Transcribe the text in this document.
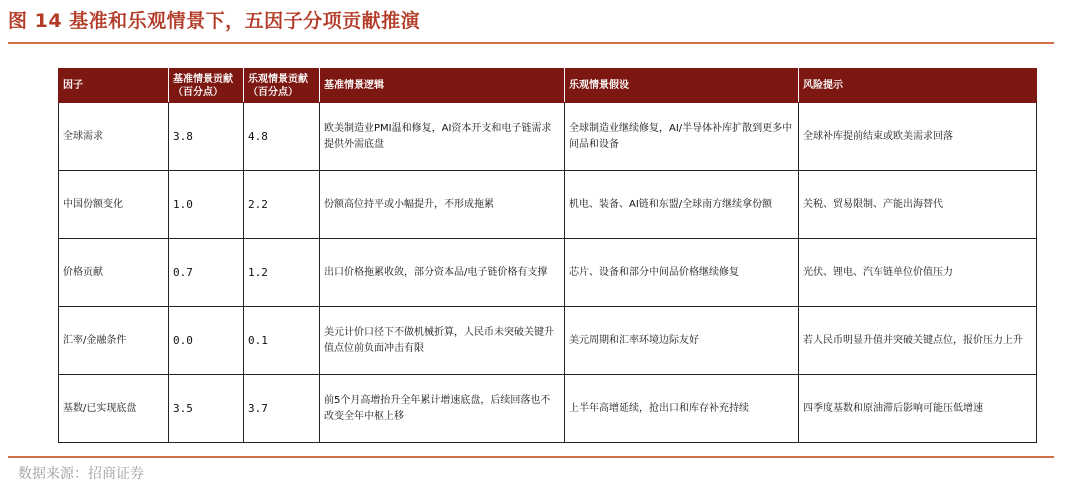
图 14 基准和乐观情景下，五因子分项贡献推演
因子	基准情景贡献（百分点）	乐观情景贡献（百分点）	基准情景逻辑	乐观情景假设	风险提示
全球需求	3.8	4.8	欧美制造业PMI温和修复，AI资本开支和电子链需求提供外需底盘	全球制造业继续修复，AI/半导体补库扩散到更多中间品和设备	全球补库提前结束或欧美需求回落
中国份额变化	1.0	2.2	份额高位持平或小幅提升，不形成拖累	机电、装备、AI链和东盟/全球南方继续拿份额	关税、贸易限制、产能出海替代
价格贡献	0.7	1.2	出口价格拖累收敛，部分资本品/电子链价格有支撑	芯片、设备和部分中间品价格继续修复	光伏、锂电、汽车链单位价值压力
汇率/金融条件	0.0	0.1	美元计价口径下不做机械折算，人民币未突破关键升值点位前负面冲击有限	美元周期和汇率环境边际友好	若人民币明显升值并突破关键点位，报价压力上升
基数/已实现底盘	3.5	3.7	前5个月高增抬升全年累计增速底盘，后续回落也不改变全年中枢上移	上半年高增延续，抢出口和库存补充持续	四季度基数和原油滞后影响可能压低增速
数据来源：招商证券
